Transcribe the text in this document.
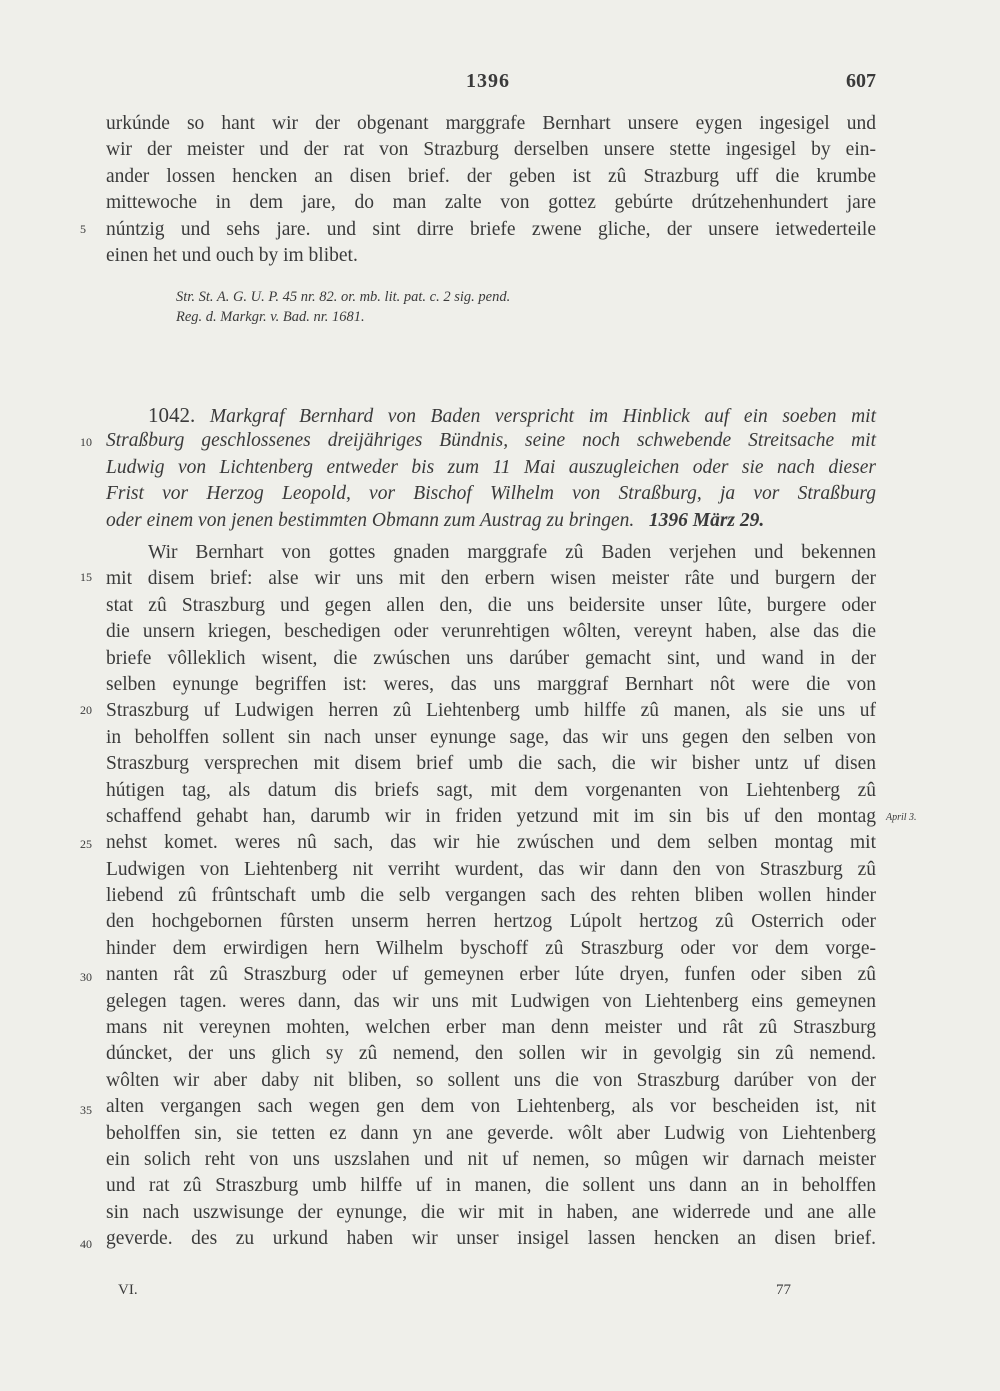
1396	607
urkúnde so hant wir der obgenant marggrafe Bernhart unsere eygen ingesigel und
wir der meister und der rat von Strazburg derselben unsere stette ingesigel by ein-
ander lossen hencken an disen brief. der geben ist zû Strazburg uff die krumbe
mittewoche in dem jare, do man zalte von gottez gebúrte drútzehenhundert jare
núntzig und sehs jare. und sint dirre briefe zwene gliche, der unsere ietwederteile
einen het und ouch by im blibet.
5
Str. St. A. G. U. P. 45 nr. 82. or. mb. lit. pat. c. 2 sig. pend.
Reg. d. Markgr. v. Bad. nr. 1681.
1042. Markgraf Bernhard von Baden verspricht im Hinblick auf ein soeben mit
Straßburg geschlossenes dreijähriges Bündnis, seine noch schwebende Streitsache mit
Ludwig von Lichtenberg entweder bis zum 11 Mai auszugleichen oder sie nach dieser
Frist vor Herzog Leopold, vor Bischof Wilhelm von Straßburg, ja vor Straßburg
oder einem von jenen bestimmten Obmann zum Austrag zu bringen. 1396 März 29.
Wir Bernhart von gottes gnaden marggrafe zû Baden verjehen und bekennen
mit disem brief: alse wir uns mit den erbern wisen meister râte und burgern der
stat zû Straszburg und gegen allen den, die uns beidersite unser lûte, burgere oder
die unsern kriegen, beschedigen oder verunrehtigen wôlten, vereynt haben, alse das die
briefe vôlleklich wisent, die zwúschen uns darúber gemacht sint, und wand in der
selben eynunge begriffen ist: weres, das uns marggraf Bernhart nôt were die von
Straszburg uf Ludwigen herren zû Liehtenberg umb hilffe zû manen, als sie uns uf
in beholffen sollent sin nach unser eynunge sage, das wir uns gegen den selben von
Straszburg versprechen mit disem brief umb die sach, die wir bisher untz uf disen
hútigen tag, als datum dis briefs sagt, mit dem vorgenanten von Liehtenberg zû
schaffend gehabt han, darumb wir in friden yetzund mit im sin bis uf den montag
nehst komet. weres nû sach, das wir hie zwúschen und dem selben montag mit
Ludwigen von Liehtenberg nit verriht wurdent, das wir dann den von Straszburg zû
liebend zû frûntschaft umb die selb vergangen sach des rehten bliben wollen hinder
den hochgebornen fûrsten unserm herren hertzog Lúpolt hertzog zû Osterrich oder
hinder dem erwirdigen hern Wilhelm byschoff zû Straszburg oder vor dem vorge-
nanten rât zû Straszburg oder uf gemeynen erber lúte dryen, funfen oder siben zû
gelegen tagen. weres dann, das wir uns mit Ludwigen von Liehtenberg eins gemeynen
mans nit vereynen mohten, welchen erber man denn meister und rât zû Straszburg
dúncket, der uns glich sy zû nemend, den sollen wir in gevolgig sin zû nemend.
wôlten wir aber daby nit bliben, so sollent uns die von Straszburg darúber von der
alten vergangen sach wegen gen dem von Liehtenberg, als vor bescheiden ist, nit
beholffen sin, sie tetten ez dann yn ane geverde. wôlt aber Ludwig von Liehtenberg
ein solich reht von uns uszslahen und nit uf nemen, so mûgen wir darnach meister
und rat zû Straszburg umb hilffe uf in manen, die sollent uns dann an in beholffen
sin nach uszwisunge der eynunge, die wir mit in haben, ane widerrede und ane alle
geverde. des zu urkund haben wir unser insigel lassen hencken an disen brief.
10
15
20
25
30
35
40
April 3.
VI.	77
